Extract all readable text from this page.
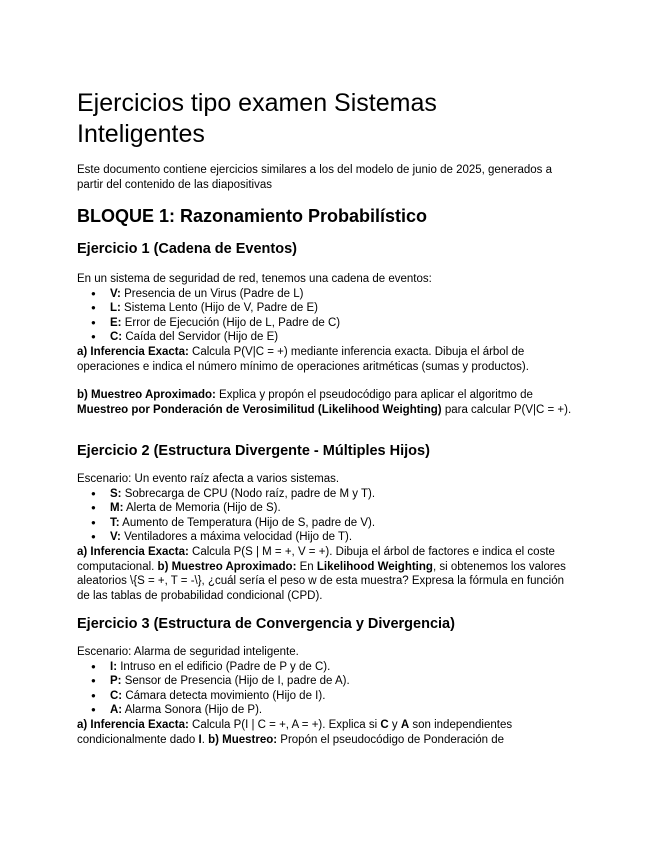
Ejercicios tipo examen Sistemas Inteligentes

Este documento contiene ejercicios similares a los del modelo de junio de 2025, generados a partir del contenido de las diapositivas

BLOQUE 1: Razonamiento Probabilístico
Ejercicio 1 (Cadena de Eventos)

En un sistema de seguridad de red, tenemos una cadena de eventos:

● V: Presencia de un Virus (Padre de L)
● L: Sistema Lento (Hijo de V, Padre de E)
● E: Error de Ejecución (Hijo de L, Padre de C)
● C: Caída del Servidor (Hijo de E)

a) Inferencia Exacta: Calcula P(V|C = +) mediante inferencia exacta. Dibuja el árbol de operaciones e indica el número mínimo de operaciones aritméticas (sumas y productos).

b) Muestreo Aproximado: Explica y propón el pseudocódigo para aplicar el algoritmo de Muestreo por Ponderación de Verosimilitud (Likelihood Weighting) para calcular P(V|C = +).

Ejercicio 2 (Estructura Divergente - Múltiples Hijos)

Escenario: Un evento raíz afecta a varios sistemas.

● S: Sobrecarga de CPU (Nodo raíz, padre de M y T).
● M: Alerta de Memoria (Hijo de S).
● T: Aumento de Temperatura (Hijo de S, padre de V).
● V: Ventiladores a máxima velocidad (Hijo de T).

a) Inferencia Exacta: Calcula P(S | M = +, V = +). Dibuja el árbol de factores e indica el coste computacional. b) Muestreo Aproximado: En Likelihood Weighting, si obtenemos los valores aleatorios \{S = +, T = -\}, ¿cuál sería el peso w de esta muestra? Expresa la fórmula en función de las tablas de probabilidad condicional (CPD).

Ejercicio 3 (Estructura de Convergencia y Divergencia)

Escenario: Alarma de seguridad inteligente.

● I: Intruso en el edificio (Padre de P y de C).
● P: Sensor de Presencia (Hijo de I, padre de A).
● C: Cámara detecta movimiento (Hijo de I).
● A: Alarma Sonora (Hijo de P).

a) Inferencia Exacta: Calcula P(I | C = +, A = +). Explica si C y A son independientes condicionalmente dado I. b) Muestreo: Propón el pseudocódigo de Ponderación de
